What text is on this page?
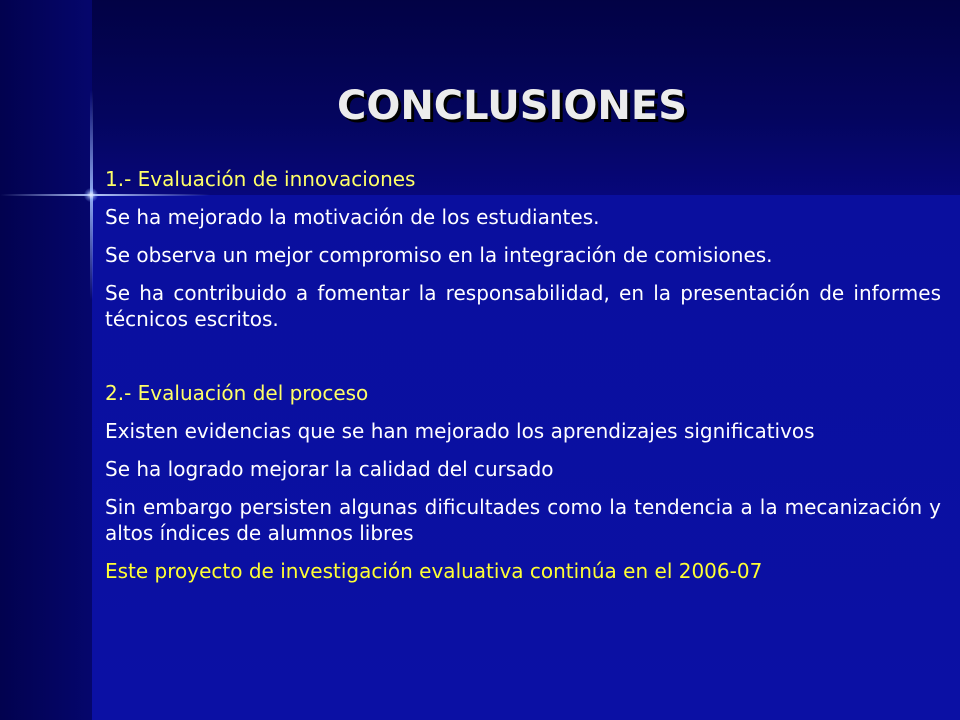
CONCLUSIONES

1.- Evaluación de innovaciones

Se ha mejorado la motivación de los estudiantes.

Se observa un mejor compromiso en la integración de comisiones.

Se ha contribuido a fomentar la responsabilidad, en la presentación de informes técnicos escritos.

2.- Evaluación del proceso

Existen evidencias que se han mejorado los aprendizajes significativos

Se ha logrado mejorar la calidad del cursado

Sin embargo persisten algunas dificultades como la tendencia a la mecanización y altos índices de alumnos libres

Este proyecto de investigación evaluativa continúa en el 2006-07
